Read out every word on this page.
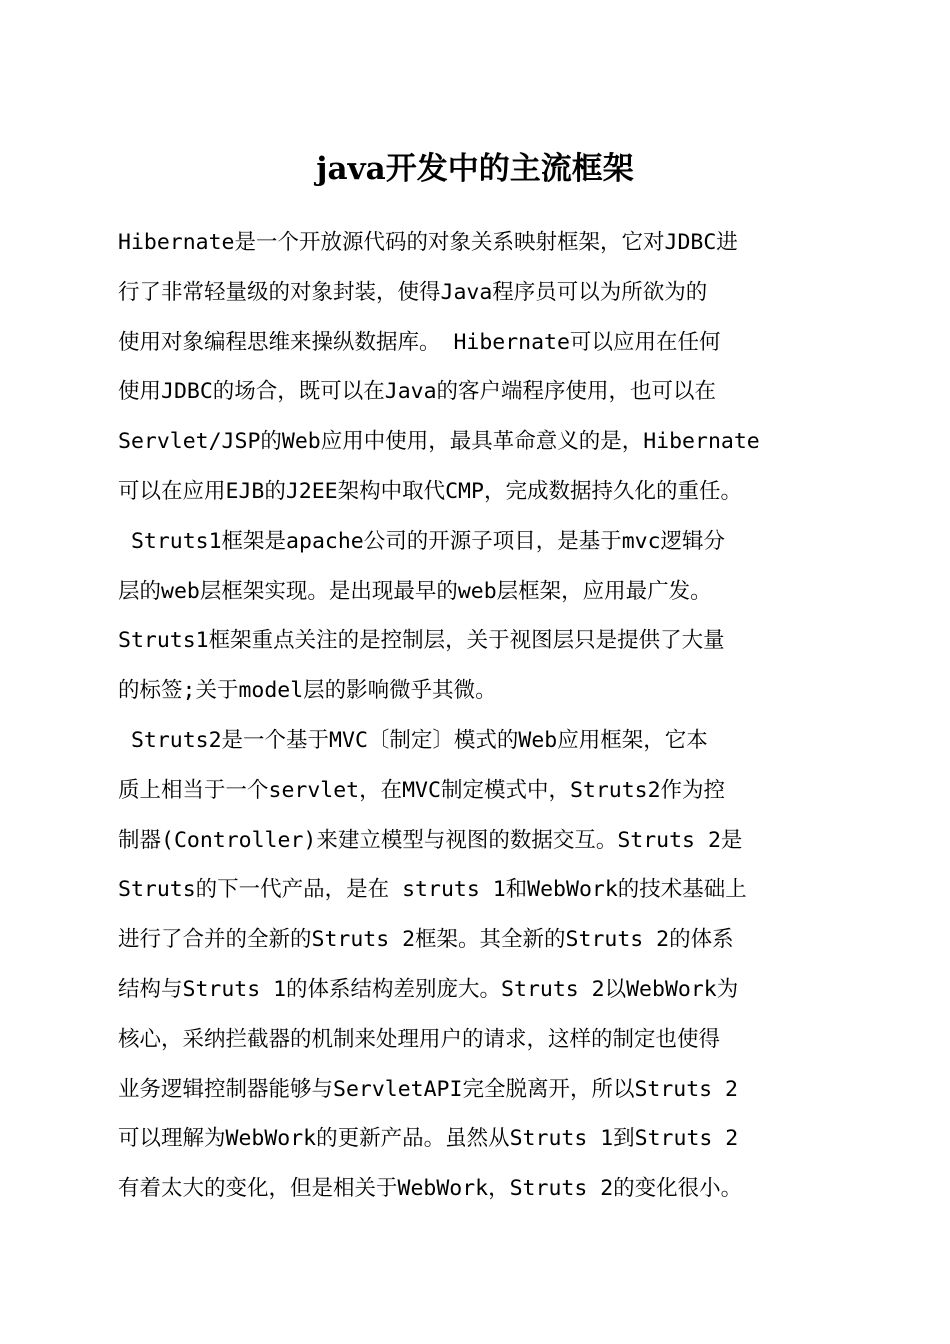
java开发中的主流框架
Hibernate是一个开放源代码的对象关系映射框架，它对JDBC进
行了非常轻量级的对象封装，使得Java程序员可以为所欲为的
使用对象编程思维来操纵数据库。 Hibernate可以应用在任何
使用JDBC的场合，既可以在Java的客户端程序使用，也可以在
Servlet/JSP的Web应用中使用，最具革命意义的是，Hibernate
可以在应用EJB的J2EE架构中取代CMP，完成数据持久化的重任。
Struts1框架是apache公司的开源子项目，是基于mvc逻辑分
层的web层框架实现。是出现最早的web层框架，应用最广发。
Struts1框架重点关注的是控制层，关于视图层只是提供了大量
的标签;关于model层的影响微乎其微。
Struts2是一个基于MVC〔制定〕模式的Web应用框架，它本
质上相当于一个servlet，在MVC制定模式中，Struts2作为控
制器(Controller)来建立模型与视图的数据交互。Struts 2是
Struts的下一代产品，是在 struts 1和WebWork的技术基础上
进行了合并的全新的Struts 2框架。其全新的Struts 2的体系
结构与Struts 1的体系结构差别庞大。Struts 2以WebWork为
核心，采纳拦截器的机制来处理用户的请求，这样的制定也使得
业务逻辑控制器能够与ServletAPI完全脱离开，所以Struts 2
可以理解为WebWork的更新产品。虽然从Struts 1到Struts 2
有着太大的变化，但是相关于WebWork，Struts 2的变化很小。
